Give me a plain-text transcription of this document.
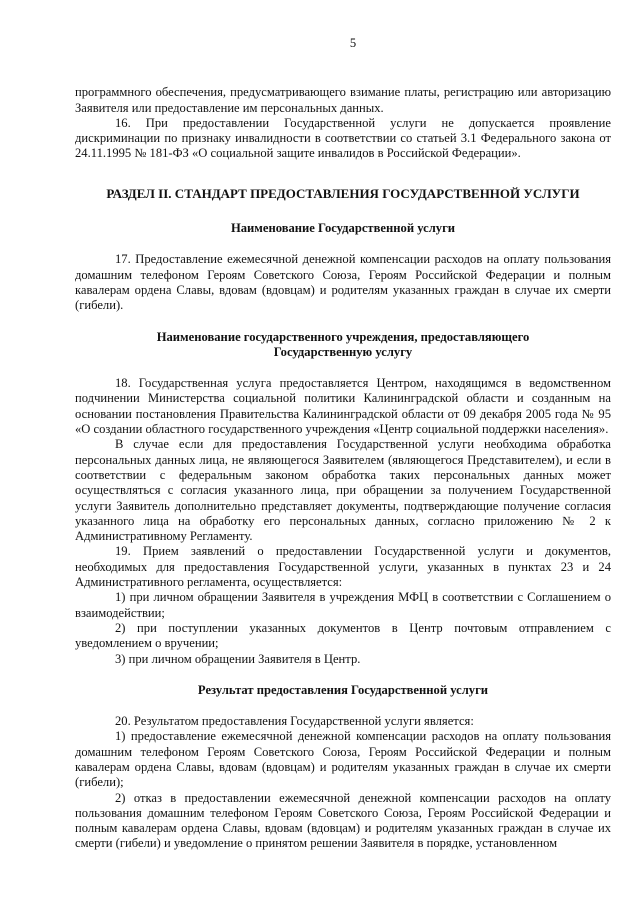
5

программного обеспечения, предусматривающего взимание платы, регистрацию или авторизацию Заявителя или предоставление им персональных данных.

16. При предоставлении Государственной услуги не допускается проявление дискриминации по признаку инвалидности в соответствии со статьей 3.1 Федерального закона от 24.11.1995 № 181-ФЗ «О социальной защите инвалидов в Российской Федерации».

РАЗДЕЛ II. СТАНДАРТ ПРЕДОСТАВЛЕНИЯ ГОСУДАРСТВЕННОЙ УСЛУГИ
Наименование Государственной услуги

17. Предоставление ежемесячной денежной компенсации расходов на оплату пользования домашним телефоном Героям Советского Союза, Героям Российской Федерации и полным кавалерам ордена Славы, вдовам (вдовцам) и родителям указанных граждан в случае их смерти (гибели).

Наименование государственного учреждения, предоставляющего
Государственную услугу

18. Государственная услуга предоставляется Центром, находящимся в ведомственном подчинении Министерства социальной политики Калининградской области и созданным на основании постановления Правительства Калининградской области от 09 декабря 2005 года № 95 «О создании областного государственного учреждения «Центр социальной поддержки населения».

В случае если для предоставления Государственной услуги необходима обработка персональных данных лица, не являющегося Заявителем (являющегося Представителем), и если в соответствии с федеральным законом обработка таких персональных данных может осуществляться с согласия указанного лица, при обращении за получением Государственной услуги Заявитель дополнительно представляет документы, подтверждающие получение согласия указанного лица на обработку его персональных данных, согласно приложению № 2 к Административному Регламенту.

19. Прием заявлений о предоставлении Государственной услуги и документов, необходимых для предоставления Государственной услуги, указанных в пунктах 23 и 24 Административного регламента, осуществляется:

1) при личном обращении Заявителя в учреждения МФЦ в соответствии с Соглашением о взаимодействии;

2) при поступлении указанных документов в Центр почтовым отправлением с уведомлением о вручении;

3) при личном обращении Заявителя в Центр.

Результат предоставления Государственной услуги

20. Результатом предоставления Государственной услуги является:

1) предоставление ежемесячной денежной компенсации расходов на оплату пользования домашним телефоном Героям Советского Союза, Героям Российской Федерации и полным кавалерам ордена Славы, вдовам (вдовцам) и родителям указанных граждан в случае их смерти (гибели);

2) отказ в предоставлении ежемесячной денежной компенсации расходов на оплату пользования домашним телефоном Героям Советского Союза, Героям Российской Федерации и полным кавалерам ордена Славы, вдовам (вдовцам) и родителям указанных граждан в случае их смерти (гибели) и уведомление о принятом решении Заявителя в порядке, установленном
